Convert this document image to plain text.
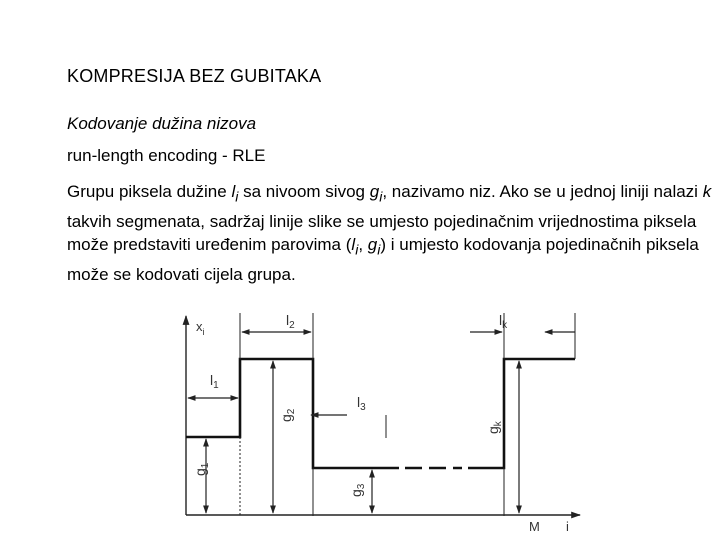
KOMPRESIJA BEZ GUBITAKA
Kodovanje dužina nizova
run-length encoding - RLE
Grupu piksela dužine $l_i$ sa nivoom sivog $g_i$, nazivamo niz. Ako se u jednoj liniji nalazi k takvih segmenata, sadržaj linije slike se umjesto pojedinačnim vrijednostima piksela može predstaviti uređenim parovima ($l_i$, $g_i$) i umjesto kodovanja pojedinačnih piksela može se kodovati cijela grupa.
$x_i$
M i
$l_1$
$l_2$
$l_3$
$l_k$
$g_1$
$g_2$
$g_3$
$g_k$
